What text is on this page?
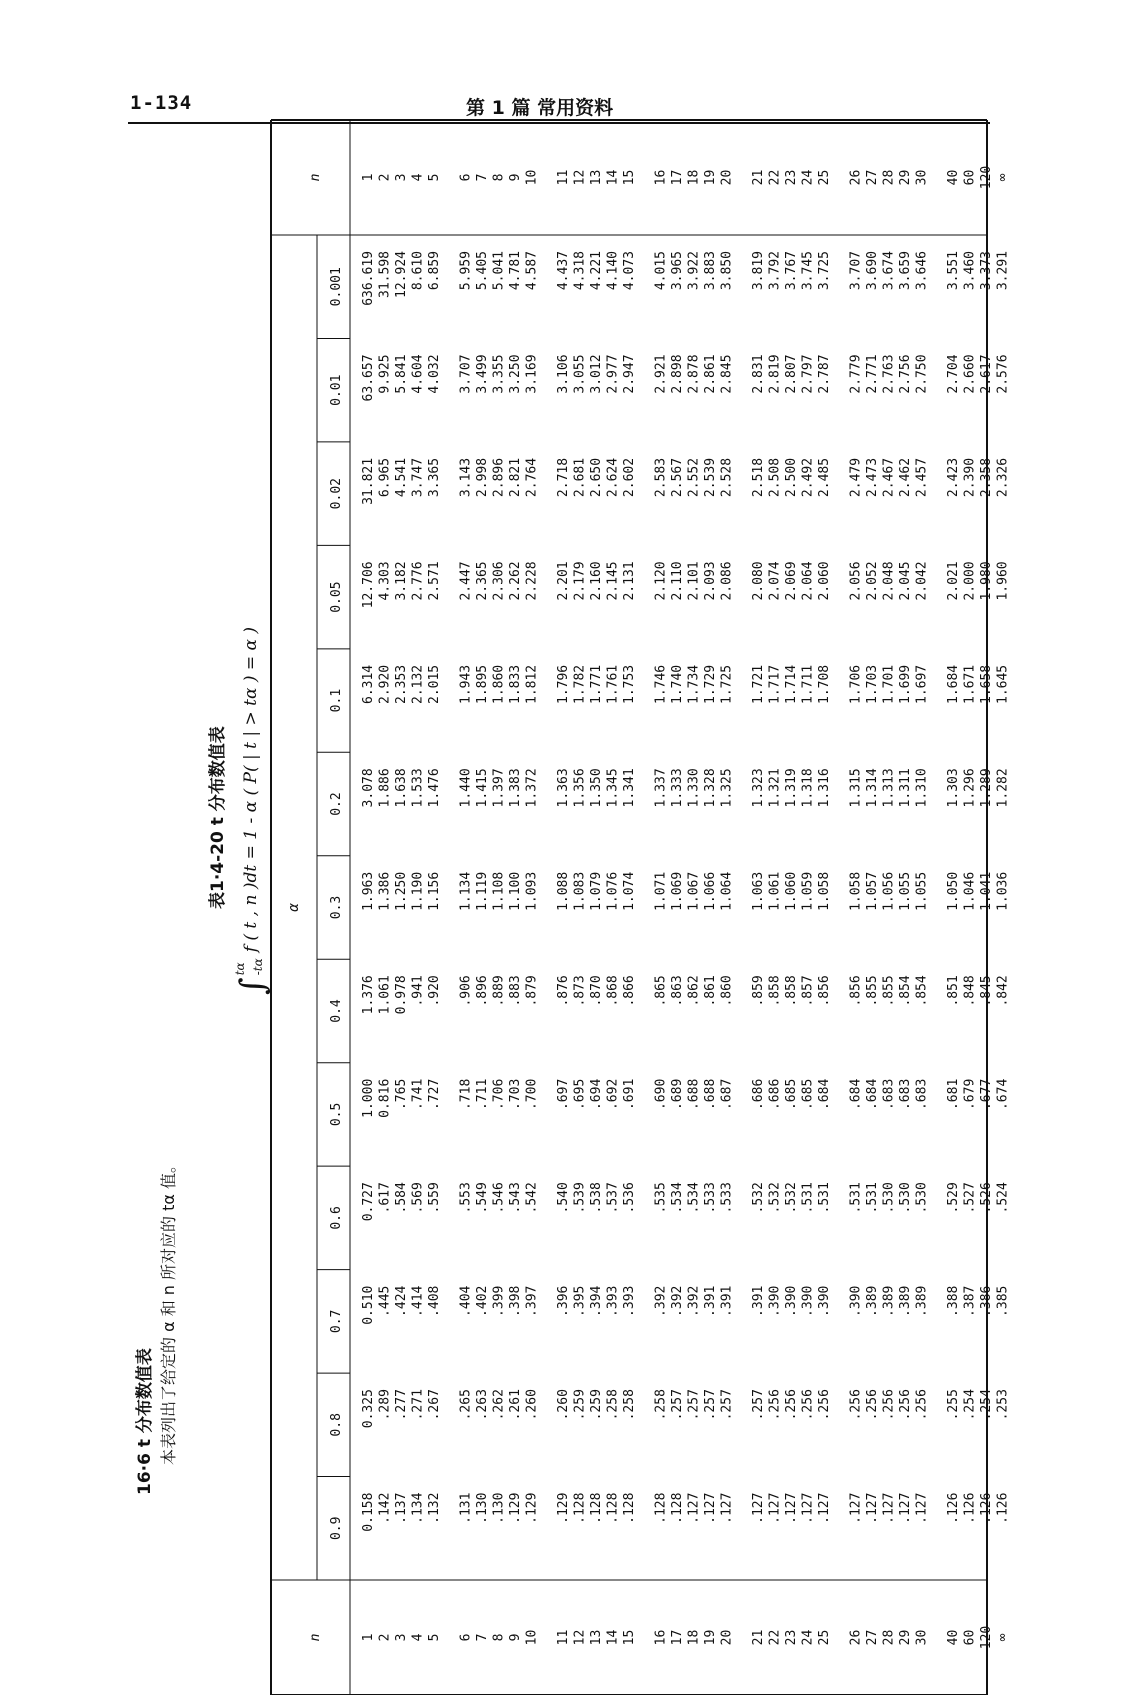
1-134	第 1 篇 常用资料
16·6 t 分布数值表 本表列出了给定的 α 和 n 所对应的 tα 值。
表1·4-20 t 分布数值表
∫tα -tαf ( t , n )dt = 1 - α ( P( | t | > tα ) = α )
n
n
α
0.9
0.8
0.7
0.6
0.5
0.4
0.3
0.2
0.1
0.05
0.02
0.01
0.001
1
1
0.158
0.325
0.510
0.727
1.000
1.376
1.963
3.078
6.314
12.706
31.821
63.657
636.619
2
2
.142
.289
.445
.617
0.816
1.061
1.386
1.886
2.920
4.303
6.965
9.925
31.598
3
3
.137
.277
.424
.584
.765
0.978
1.250
1.638
2.353
3.182
4.541
5.841
12.924
4
4
.134
.271
.414
.569
.741
.941
1.190
1.533
2.132
2.776
3.747
4.604
8.610
5
5
.132
.267
.408
.559
.727
.920
1.156
1.476
2.015
2.571
3.365
4.032
6.859
6
6
.131
.265
.404
.553
.718
.906
1.134
1.440
1.943
2.447
3.143
3.707
5.959
7
7
.130
.263
.402
.549
.711
.896
1.119
1.415
1.895
2.365
2.998
3.499
5.405
8
8
.130
.262
.399
.546
.706
.889
1.108
1.397
1.860
2.306
2.896
3.355
5.041
9
9
.129
.261
.398
.543
.703
.883
1.100
1.383
1.833
2.262
2.821
3.250
4.781
10
10
.129
.260
.397
.542
.700
.879
1.093
1.372
1.812
2.228
2.764
3.169
4.587
11
11
.129
.260
.396
.540
.697
.876
1.088
1.363
1.796
2.201
2.718
3.106
4.437
12
12
.128
.259
.395
.539
.695
.873
1.083
1.356
1.782
2.179
2.681
3.055
4.318
13
13
.128
.259
.394
.538
.694
.870
1.079
1.350
1.771
2.160
2.650
3.012
4.221
14
14
.128
.258
.393
.537
.692
.868
1.076
1.345
1.761
2.145
2.624
2.977
4.140
15
15
.128
.258
.393
.536
.691
.866
1.074
1.341
1.753
2.131
2.602
2.947
4.073
16
16
.128
.258
.392
.535
.690
.865
1.071
1.337
1.746
2.120
2.583
2.921
4.015
17
17
.128
.257
.392
.534
.689
.863
1.069
1.333
1.740
2.110
2.567
2.898
3.965
18
18
.127
.257
.392
.534
.688
.862
1.067
1.330
1.734
2.101
2.552
2.878
3.922
19
19
.127
.257
.391
.533
.688
.861
1.066
1.328
1.729
2.093
2.539
2.861
3.883
20
20
.127
.257
.391
.533
.687
.860
1.064
1.325
1.725
2.086
2.528
2.845
3.850
21
21
.127
.257
.391
.532
.686
.859
1.063
1.323
1.721
2.080
2.518
2.831
3.819
22
22
.127
.256
.390
.532
.686
.858
1.061
1.321
1.717
2.074
2.508
2.819
3.792
23
23
.127
.256
.390
.532
.685
.858
1.060
1.319
1.714
2.069
2.500
2.807
3.767
24
24
.127
.256
.390
.531
.685
.857
1.059
1.318
1.711
2.064
2.492
2.797
3.745
25
25
.127
.256
.390
.531
.684
.856
1.058
1.316
1.708
2.060
2.485
2.787
3.725
26
26
.127
.256
.390
.531
.684
.856
1.058
1.315
1.706
2.056
2.479
2.779
3.707
27
27
.127
.256
.389
.531
.684
.855
1.057
1.314
1.703
2.052
2.473
2.771
3.690
28
28
.127
.256
.389
.530
.683
.855
1.056
1.313
1.701
2.048
2.467
2.763
3.674
29
29
.127
.256
.389
.530
.683
.854
1.055
1.311
1.699
2.045
2.462
2.756
3.659
30
30
.127
.256
.389
.530
.683
.854
1.055
1.310
1.697
2.042
2.457
2.750
3.646
40
40
.126
.255
.388
.529
.681
.851
1.050
1.303
1.684
2.021
2.423
2.704
3.551
60
60
.126
.254
.387
.527
.679
.848
1.046
1.296
1.671
2.000
2.390
2.660
3.460
120
120
.126
.254
.386
.526
.677
.845
1.041
1.289
1.658
1.980
2.358
2.617
3.373
∞
∞
.126
.253
.385
.524
.674
.842
1.036
1.282
1.645
1.960
2.326
2.576
3.291
